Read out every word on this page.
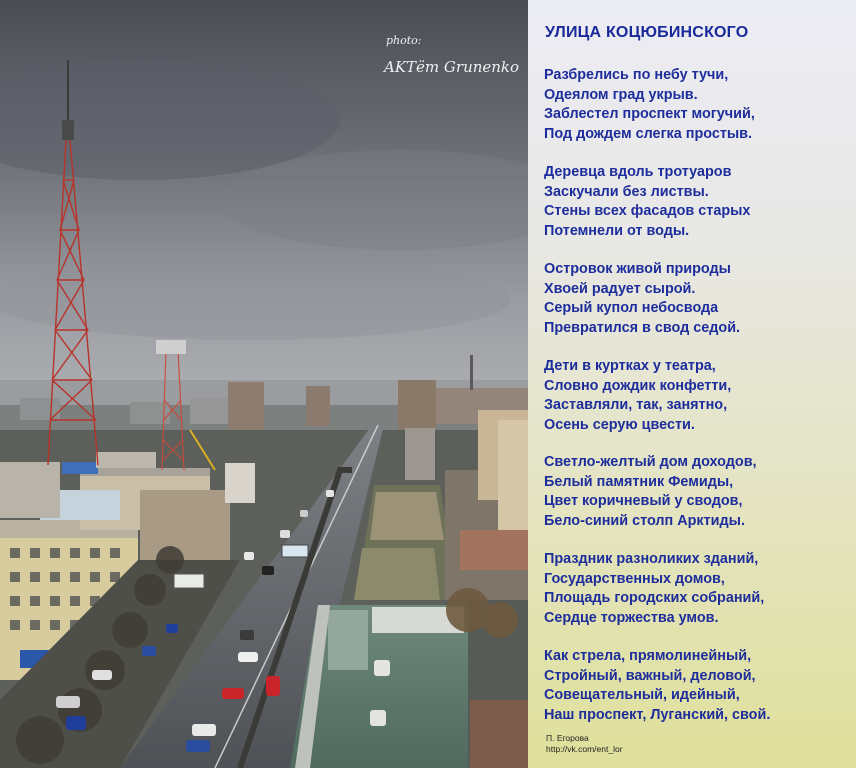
photo:
AKTёт Grunenko
УЛИЦА КОЦЮБИНСКОГО
Разбрелись по небу тучи,
Одеялом град укрыв.
Заблестел проспект могучий,
Под дождем слегка простыв.
Деревца вдоль тротуаров
Заскучали без листвы.
Стены всех фасадов старых
Потемнели от воды.
Островок живой природы
Хвоей радует сырой.
Серый купол небосвода
Превратился в свод седой.
Дети в куртках у театра,
Словно дождик конфетти,
Заставляли, так, занятно,
Осень серую цвести.
Светло-желтый дом доходов,
Белый памятник Фемиды,
Цвет коричневый у сводов,
Бело-синий столп Арктиды.
Праздник разноликих зданий,
Государственных домов,
Площадь городских собраний,
Сердце торжества умов.
Как стрела, прямолинейный,
Стройный, важный, деловой,
Совещательный, идейный,
Наш проспект, Луганский, свой.
П. Егорова
http://vk.com/ent_lor
